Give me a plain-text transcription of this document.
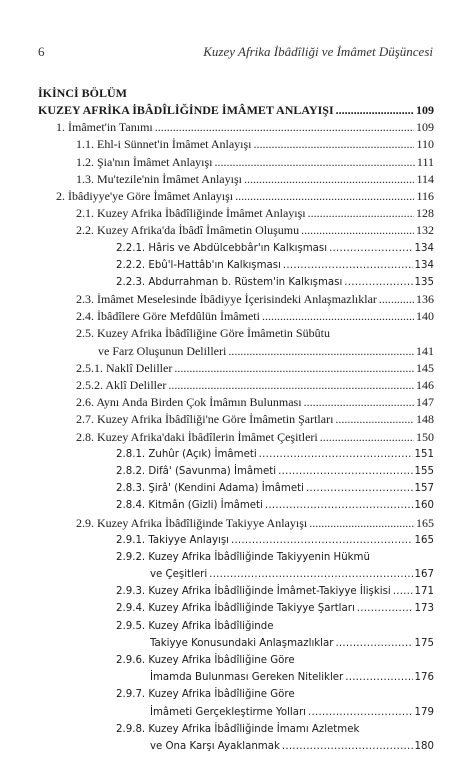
6	Kuzey Afrika İbâdîliği ve İmâmet Düşüncesi
İKİNCİ BÖLÜM
KUZEY AFRİKA İBÂDÎLİĞİNDE İMÂMET ANLAYIŞI . . .	109
1. İmâmet'in Tanımı . . .	109
1.1. Ehl-i Sünnet'in İmâmet Anlayışı . . .	110
1.2. Şia'nın İmâmet Anlayışı . . .	111
1.3. Mu'tezile'nin İmâmet Anlayışı . . .	114
2. İbâdiyye'ye Göre İmâmet Anlayışı . . .	116
2.1. Kuzey Afrika İbâdîliğinde İmâmet Anlayışı . . .	128
2.2. Kuzey Afrika'da İbâdî İmâmetin Oluşumu . . .	132
2.2.1. Hâris ve Abdülcebbâr'ın Kalkışması . . .	134
2.2.2. Ebû'l-Hattâb'ın Kalkışması . . .	134
2.2.3. Abdurrahman b. Rüstem'in Kalkışması . . .	135
2.3. İmâmet Meselesinde İbâdiyye İçerisindeki Anlaşmazlıklar . . .	136
2.4. İbâdîlere Göre Mefdûlün İmâmeti . . .	140
2.5. Kuzey Afrika İbâdîliğine Göre İmâmetin Sübûtu
ve Farz Oluşunun Delilleri . . .	141
2.5.1. Naklî Deliller . . .	145
2.5.2. Aklî Deliller . . .	146
2.6. Aynı Anda Birden Çok İmâmın Bulunması . . .	147
2.7. Kuzey Afrika İbâdîliği'ne Göre İmâmetin Şartları . . .	148
2.8. Kuzey Afrika'daki İbâdîlerin İmâmet Çeşitleri . . .	150
2.8.1. Zuhûr (Açık) İmâmeti . . .	151
2.8.2. Difâ' (Savunma) İmâmeti . . .	155
2.8.3. Şirâ' (Kendini Adama) İmâmeti . . .	157
2.8.4. Kitmân (Gizli) İmâmeti . . .	160
2.9. Kuzey Afrika İbâdîliğinde Takiyye Anlayışı . . .	165
2.9.1. Takiyye Anlayışı . . .	165
2.9.2. Kuzey Afrika İbâdîliğinde Takiyyenin Hükmü
ve Çeşitleri . . .	167
2.9.3. Kuzey Afrika İbâdîliğinde İmâmet-Takiyye İlişkisi . . . 171
2.9.4. Kuzey Afrika İbâdîliğinde Takiyye Şartları . . .	173
2.9.5. Kuzey Afrika İbâdîliğinde
Takiyye Konusundaki Anlaşmazlıklar . . .	175
2.9.6. Kuzey Afrika İbâdîliğine Göre
İmamda Bulunması Gereken Nitelikler . . .	176
2.9.7. Kuzey Afrika İbâdîliğine Göre
İmâmeti Gerçekleştirme Yolları . . .	179
2.9.8. Kuzey Afrika İbâdîliğinde İmamı Azletmek
ve Ona Karşı Ayaklanmak . . .	180
